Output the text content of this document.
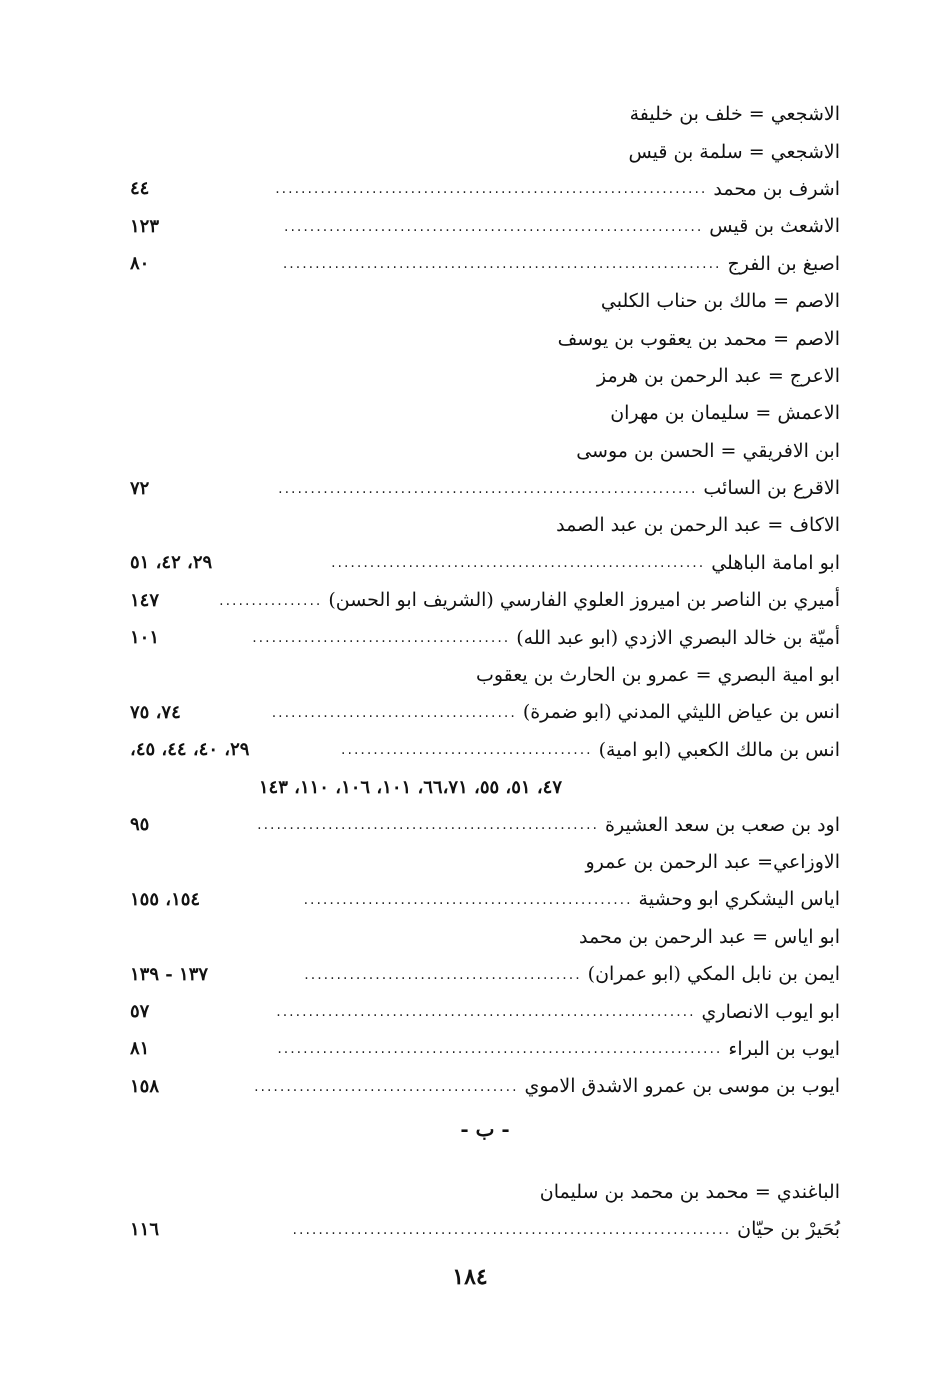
الاشجعي = خلف بن خليفة
الاشجعي = سلمة بن قيس
اشرف بن محمد
...................................................................
٤٤
الاشعث بن قيس
.................................................................
١٢٣
اصبغ بن الفرج
....................................................................
٨٠
الاصم = مالك بن حناب الكلبي
الاصم = محمد بن يعقوب بن يوسف
الاعرج = عبد الرحمن بن هرمز
الاعمش = سليمان بن مهران
ابن الافريقي = الحسن بن موسى
الاقرع بن السائب
.................................................................
٧٢
الاكاف = عبد الرحمن بن عبد الصمد
ابو امامة الباهلي
..........................................................
٢٩، ٤٢، ٥١
أميري بن الناصر بن اميروز العلوي الفارسي (الشريف ابو الحسن)
................
١٤٧
أميّة بن خالد البصري الازدي (ابو عبد الله)
........................................
١٠١
ابو امية البصري = عمرو بن الحارث بن يعقوب
انس بن عياض الليثي المدني (ابو ضمرة)
......................................
٧٤، ٧٥
انس بن مالك الكعبي (ابو امية)
.......................................
٢٩، ٤٠، ٤٤، ٤٥،
٤٧، ٥١، ٥٥، ٦٦،٧١، ١٠١، ١٠٦، ١١٠، ١٤٣
اود بن صعب بن سعد العشيرة
.....................................................
٩٥
الاوزاعي= عبد الرحمن بن عمرو
اياس اليشكري ابو وحشية
...................................................
١٥٤، ١٥٥
ابو اياس = عبد الرحمن بن محمد
ايمن بن نابل المكي (ابو عمران)
...........................................
١٣٧ - ١٣٩
ابو ايوب الانصاري
.................................................................
٥٧
ايوب بن البراء
.....................................................................
٨١
ايوب بن موسى بن عمرو الاشدق الاموي
.........................................
١٥٨
- ب -
الباغندي = محمد بن محمد بن سليمان
بُحَيرْ بن حيّان
....................................................................
١١٦
١٨٤
